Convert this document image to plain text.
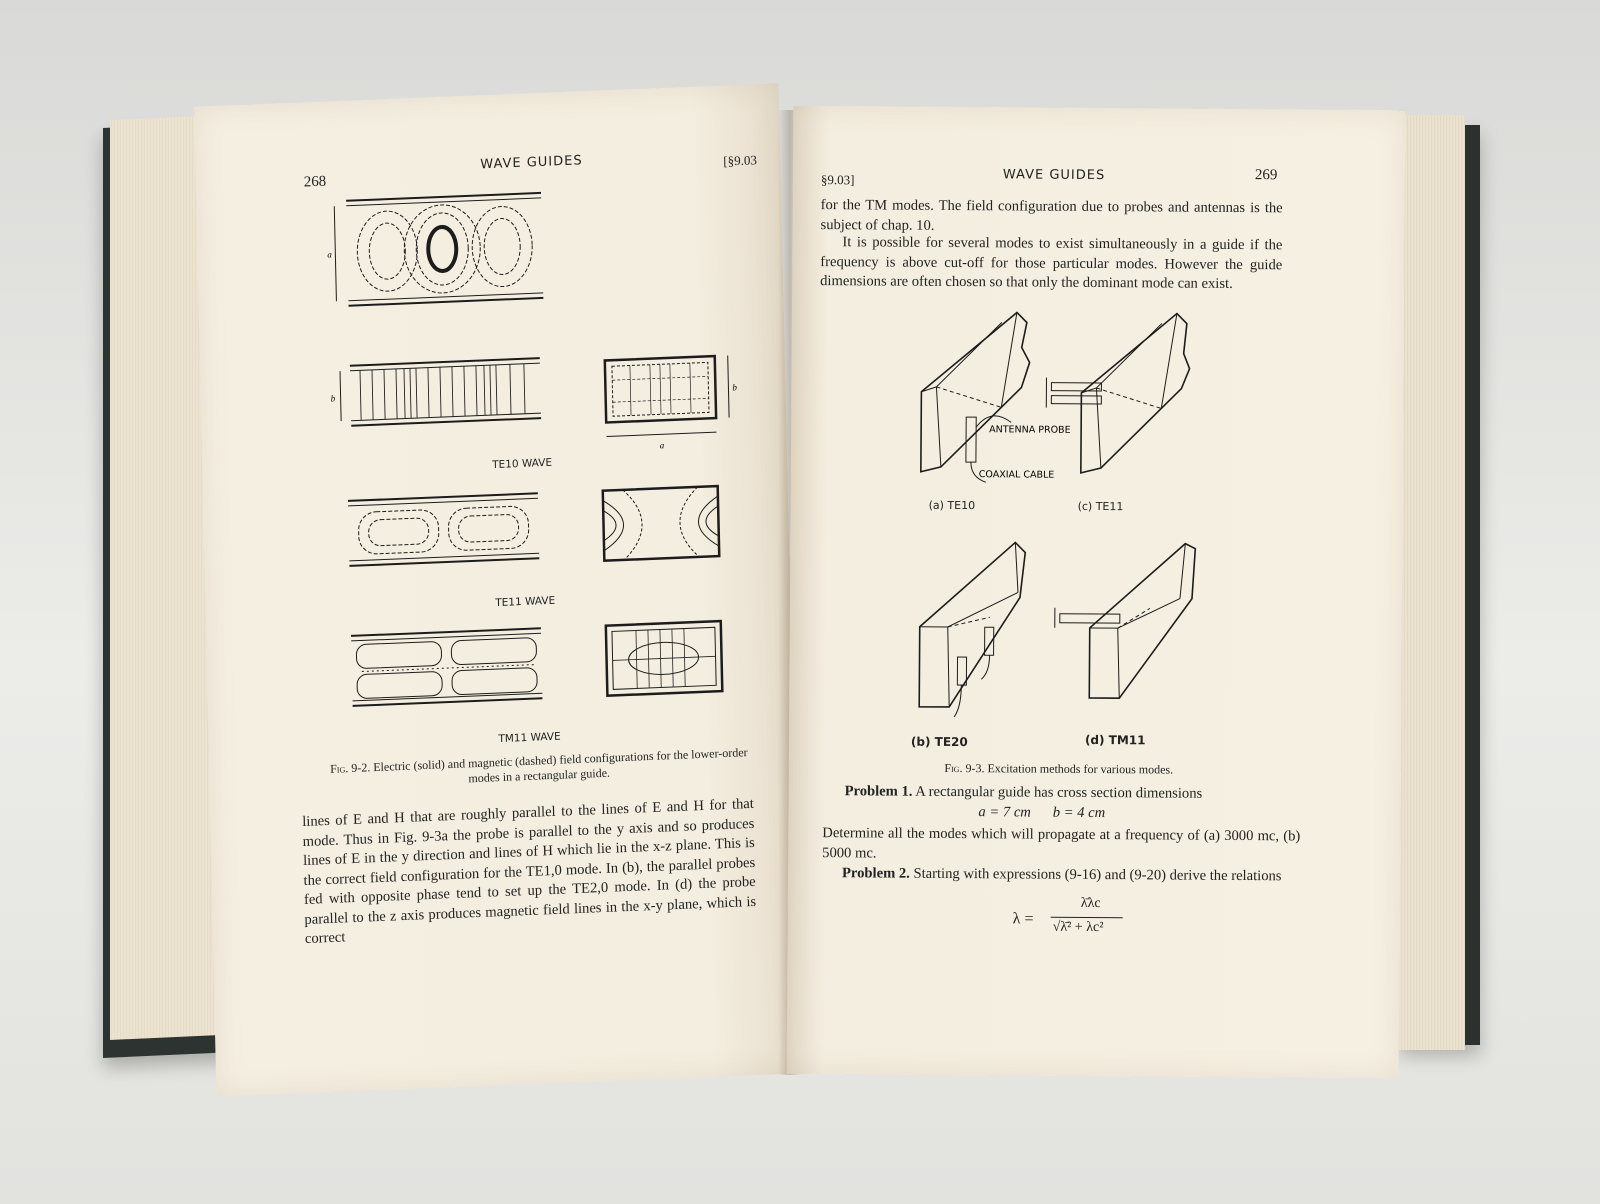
268
WAVE GUIDES	[§9.03
a
b
a
b
TE10 WAVE
TE11 WAVE
TM11 WAVE
Fig. 9-2. Electric (solid) and magnetic (dashed) field configurations for the lower-order modes in a rectangular guide.
lines of E and H that are roughly parallel to the lines of E and H for that mode. Thus in Fig. 9-3a the probe is parallel to the y axis and so produces lines of E in the y direction and lines of H which lie in the x-z plane. This is the correct field configuration for the TE1,0 mode. In (b), the parallel probes fed with opposite phase tend to set up the TE2,0 mode. In (d) the probe parallel to the z axis produces magnetic field lines in the x-y plane, which is correct
§9.03]	WAVE GUIDES	269
for the TM modes. The field configuration due to probes and antennas is the subject of chap. 10.
It is possible for several modes to exist simultaneously in a guide if the frequency is above cut-off for those particular modes. However the guide dimensions are often chosen so that only the dominant mode can exist.
ANTENNA PROBE
COAXIAL CABLE
(a) TE10	(c) TE11
(b) TE20	(d) TM11
Fig. 9-3. Excitation methods for various modes.
Problem 1. A rectangular guide has cross section dimensions
a = 7 cm      b = 4 cm
Determine all the modes which will propagate at a frequency of (a) 3000 mc, (b) 5000 mc.
Problem 2. Starting with expressions (9-16) and (9-20) derive the relations
λ =
λ̄λc
√λ̄² + λc²
